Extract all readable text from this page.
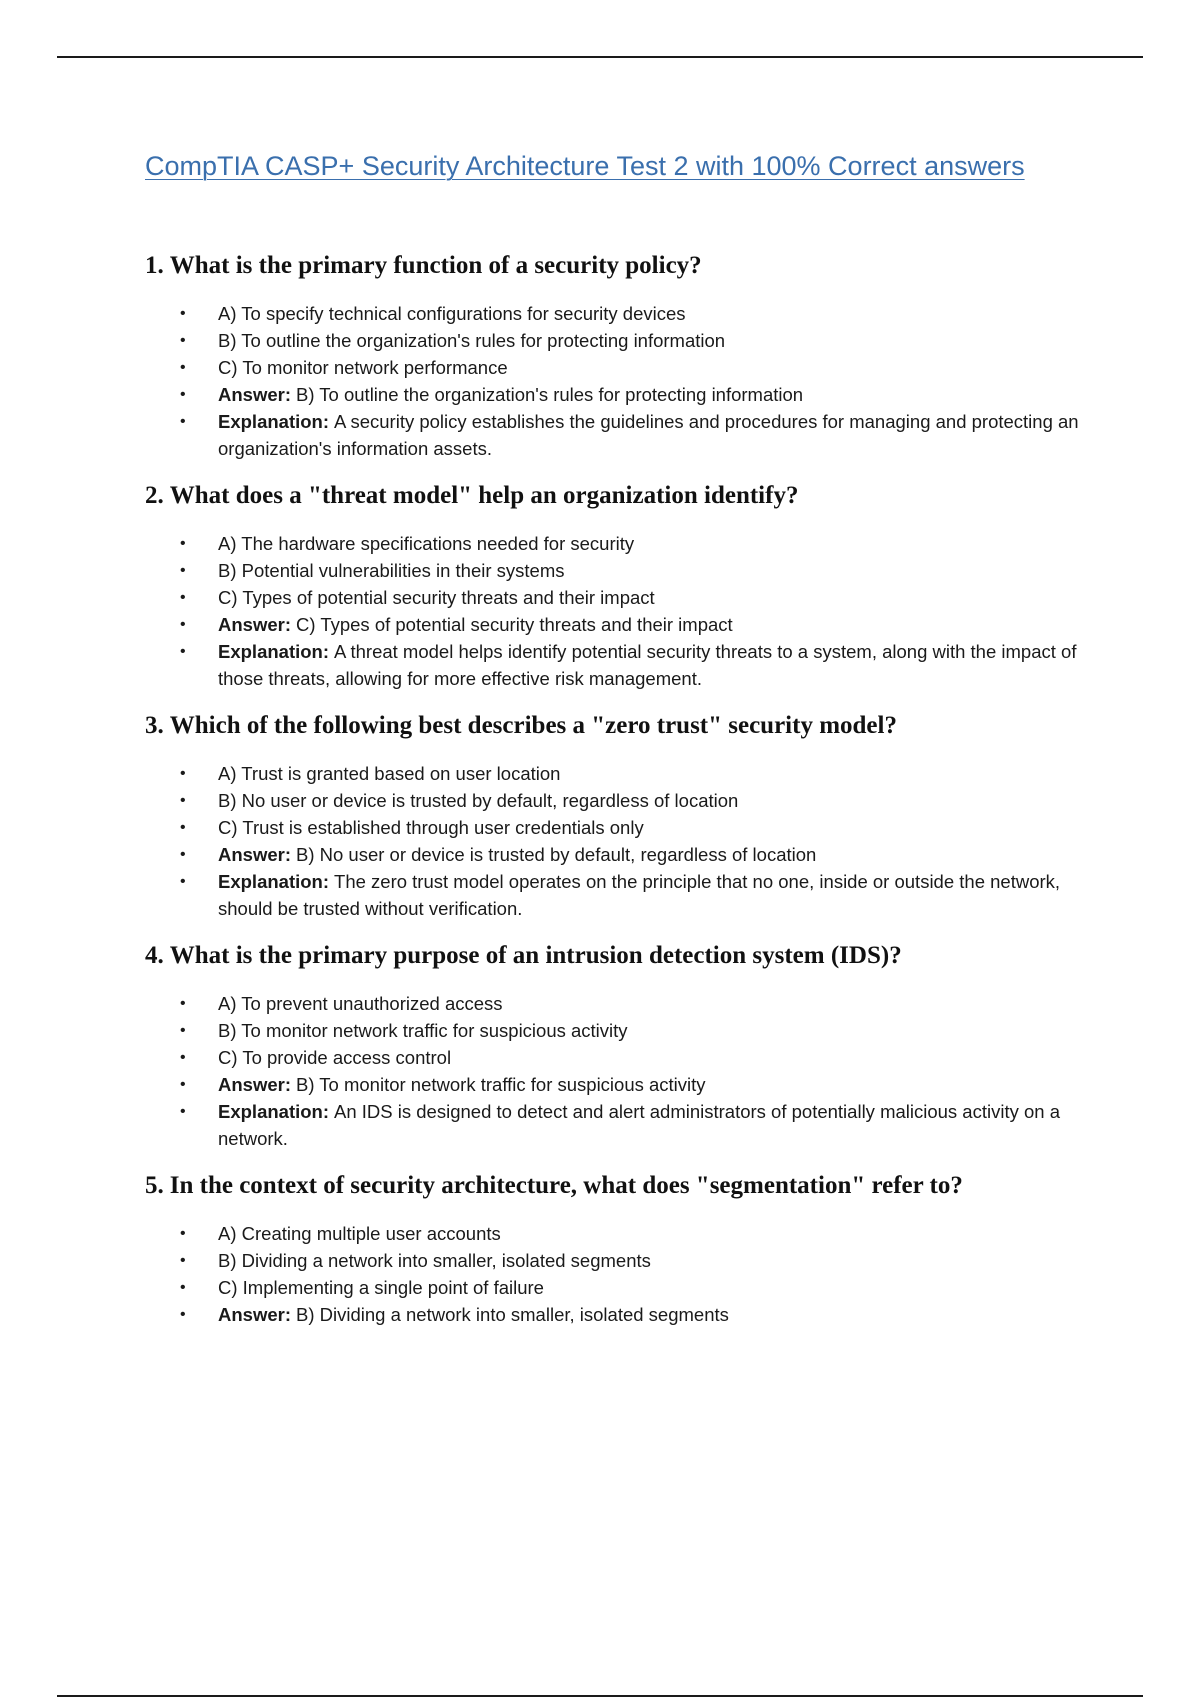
CompTIA CASP+ Security Architecture Test 2 with 100% Correct answers
1. What is the primary function of a security policy?
• A) To specify technical configurations for security devices
• B) To outline the organization's rules for protecting information
• C) To monitor network performance
• Answer: B) To outline the organization's rules for protecting information
• Explanation: A security policy establishes the guidelines and procedures for managing and protecting an organization's information assets.
2. What does a "threat model" help an organization identify?
• A) The hardware specifications needed for security
• B) Potential vulnerabilities in their systems
• C) Types of potential security threats and their impact
• Answer: C) Types of potential security threats and their impact
• Explanation: A threat model helps identify potential security threats to a system, along with the impact of those threats, allowing for more effective risk management.
3. Which of the following best describes a "zero trust" security model?
• A) Trust is granted based on user location
• B) No user or device is trusted by default, regardless of location
• C) Trust is established through user credentials only
• Answer: B) No user or device is trusted by default, regardless of location
• Explanation: The zero trust model operates on the principle that no one, inside or outside the network, should be trusted without verification.
4. What is the primary purpose of an intrusion detection system (IDS)?
• A) To prevent unauthorized access
• B) To monitor network traffic for suspicious activity
• C) To provide access control
• Answer: B) To monitor network traffic for suspicious activity
• Explanation: An IDS is designed to detect and alert administrators of potentially malicious activity on a network.
5. In the context of security architecture, what does "segmentation" refer to?
• A) Creating multiple user accounts
• B) Dividing a network into smaller, isolated segments
• C) Implementing a single point of failure
• Answer: B) Dividing a network into smaller, isolated segments
